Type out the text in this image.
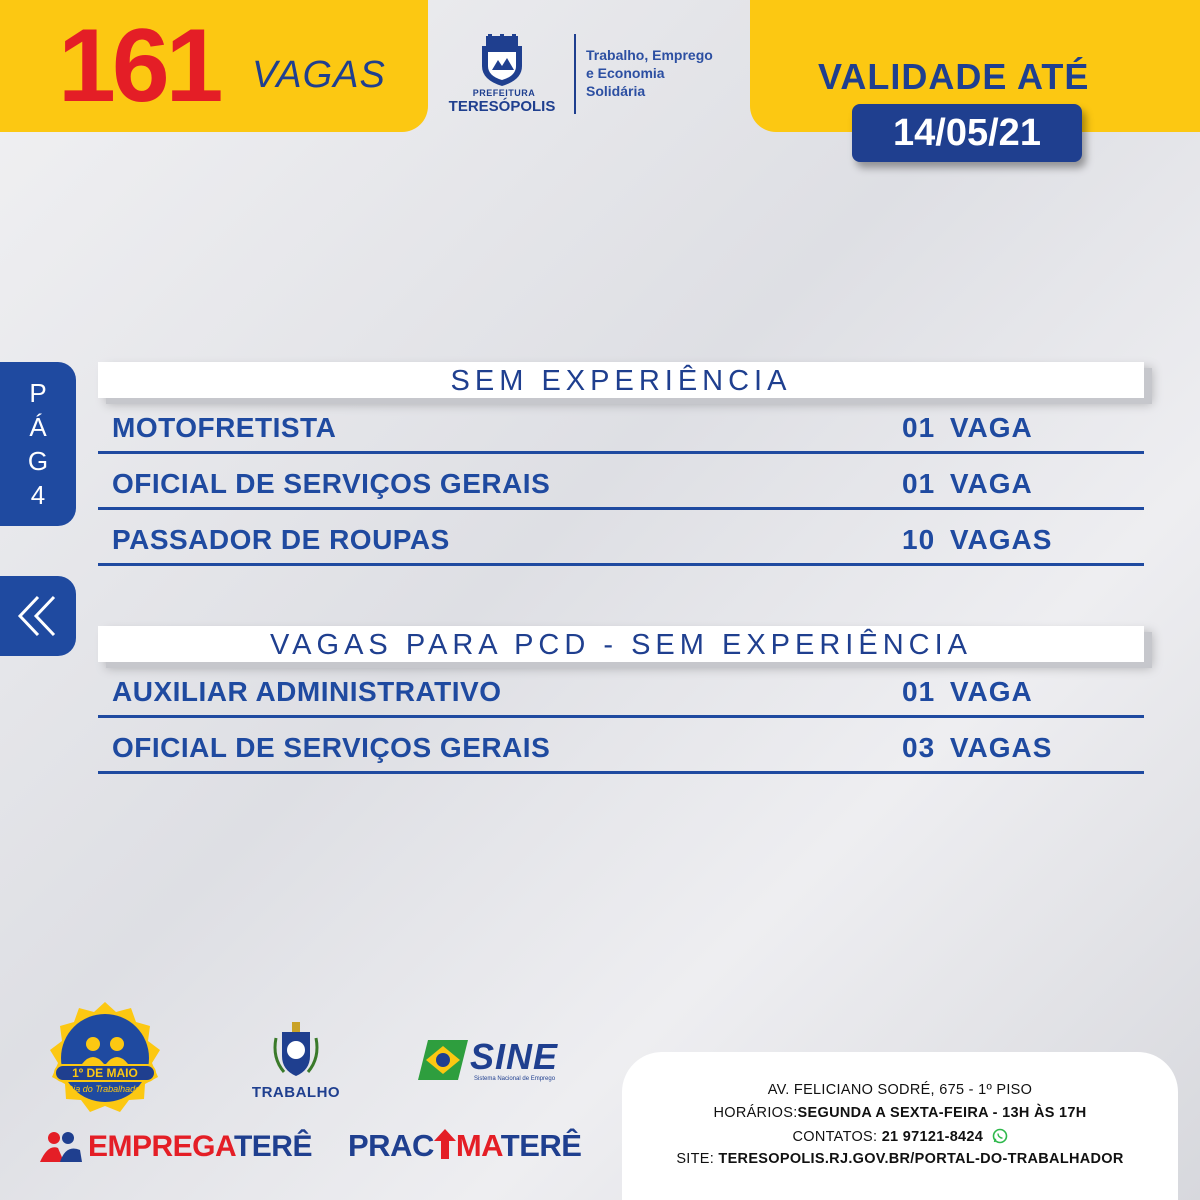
161 VAGAS	PREFEITURA
TERESÓPOLIS
Trabalho, Emprego
e Economia
Solidária	VALIDADE ATÉ
14/05/21
P
Á
G
4
SEM EXPERIÊNCIA
MOTOFRETISTA	01 VAGA
OFICIAL DE SERVIÇOS GERAIS	01 VAGA
PASSADOR DE ROUPAS	10 VAGAS
VAGAS PARA PCD - SEM EXPERIÊNCIA
AUXILIAR ADMINISTRATIVO	01 VAGA
OFICIAL DE SERVIÇOS GERAIS	03 VAGAS
1º DE MAIO
Dia do Trabalhador	TRABALHO
SINE
Sistema Nacional de Emprego
EMPREGATERÊ PRAC MATERÊ
AV. FELICIANO SODRÉ, 675 - 1º PISO
HORÁRIOS:SEGUNDA A SEXTA-FEIRA - 13H ÀS 17H
CONTATOS: 21 97121-8424
SITE: TERESOPOLIS.RJ.GOV.BR/PORTAL-DO-TRABALHADOR
